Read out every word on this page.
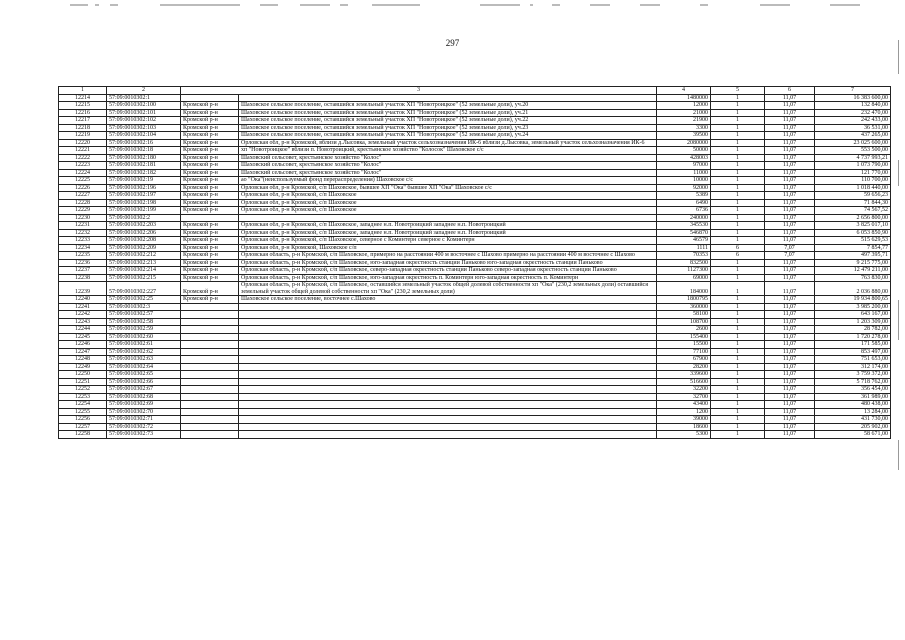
297
1	2	3		4	5	6	7
12214	57:09:0010302:1			1480000	1	11,07	16 383 600,00
12215	57:09:0010302:100	Кромской р-н	Шаховское сельское поселение, оставшийся земельный участок ХП "Новотроицкое" (52 земельные доли), уч.20	12000	1	11,07	132 840,00
12216	57:09:0010302:101	Кромской р-н	Шаховское сельское поселение, оставшийся земельный участок ХП "Новотроицкое" (52 земельные доли), уч.21	21000	1	11,07	232 470,00
12217	57:09:0010302:102	Кромской р-н	Шаховское сельское поселение, оставшийся земельный участок ХП "Новотроицкое" (52 земельные доли), уч.22	21900	1	11,07	242 433,00
12218	57:09:0010302:103	Кромской р-н	Шаховское сельское поселение, оставшийся земельный участок ХП "Новотроицкое" (52 земельные доли), уч.23	3300	1	11,07	36 531,00
12219	57:09:0010302:104	Кромской р-н	Шаховское сельское поселение, оставшийся земельный участок ХП "Новотроицкое" (52 земельные доли), уч.24	39500	1	11,07	437 265,00
12220	57:09:0010302:16	Кромской р-н	Орловская обл, р-н Кромской, вблизи д.Лысовка, земельный участок сельхозназначения ИК-6 вблизи д.Лысовка, земельный участок сельхозназначения ИК-6	2080000	1	11,07	23 025 600,00
12221	57:09:0010302:18	Кромской р-н	хп "Новотроицкое" вблизи п. Новотроицкий, крестьянское хозяйство "Колосок" Шаховское с/с	50000	1	11,07	553 500,00
12222	57:09:0010302:180	Кромской р-н	Шаховский сельсовет, крестьянское хозяйство "Колос"	428003	1	11,07	4 737 993,21
12223	57:09:0010302:181	Кромской р-н	Шаховский сельсовет, крестьянское хозяйство "Колос"	97000	1	11,07	1 073 790,00
12224	57:09:0010302:182	Кромской р-н	Шаховский сельсовет, крестьянское хозяйство "Колос"	11000	1	11,07	121 770,00
12225	57:09:0010302:19	Кромской р-н	ао "Ока"(неиспользуемый фонд перераспределения) Шаховское с/с	10000	1	11,07	110 700,00
12226	57:09:0010302:196	Кромской р-н	Орловская обл, р-н Кромской, с/п Шаховское, бывшее ХП "Ока" бывшее ХП "Ока" Шаховское с/с	92000	1	11,07	1 018 440,00
12227	57:09:0010302:197	Кромской р-н	Орловская обл, р-н Кромской, с/п Шаховское	5389	1	11,07	59 656,23
12228	57:09:0010302:198	Кромской р-н	Орловская обл, р-н Кромской, с/п Шаховское	6490	1	11,07	71 844,30
12229	57:09:0010302:199	Кромской р-н	Орловская обл, р-н Кромской, с/п Шаховское	6736	1	11,07	74 567,52
12230	57:09:0010302:2			240000	1	11,07	2 656 800,00
12231	57:09:0010302:203	Кромской р-н	Орловская обл, р-н Кромской, с/п Шаховское, западнее н.п. Новотроицкий западнее н.п. Новотроицкий	345530	1	11,07	3 825 017,10
12232	57:09:0010302:206	Кромской р-н	Орловская обл, р-н Кромской, с/п Шаховское, западнее н.п. Новотроицкий западнее н.п. Новотроицкий	546870	1	11,07	6 053 850,90
12233	57:09:0010302:208	Кромской р-н	Орловская обл, р-н Кромской, с/п Шаховское, северное с Коминтерн северное с Коминтерн	46579	1	11,07	515 629,53
12234	57:09:0010302:209	Кромской р-н	Орловская обл, р-н Кромской, Шаховское с/п	1111	6	7,07	7 854,77
12235	57:09:0010302:212	Кромской р-н	Орловская область, р-н Кромской, с/п Шаховское, примерно на расстоянии 400 м восточнее с Шахово примерно на расстоянии 400 м восточнее с Шахово	70353	6	7,07	497 395,71
12236	57:09:0010302:213	Кромской р-н	Орловская область, р-н Кромской, с/п Шаховское, юго-западная окрестность станции Паньково юго-западная окрестность станции Паньково	832500	1	11,07	9 215 775,00
12237	57:09:0010302:214	Кромской р-н	Орловская область, р-н Кромской, с/п Шаховское, северо-западная окрестность станции Паньково северо-западная окрестность станции Паньково	1127300	1	11,07	12 479 211,00
12238	57:09:0010302:215	Кромской р-н	Орловская область, р-н Кромской, с/п Шаховское, юго-западная окрестность п. Коминтерн юго-западная окрестность п. Коминтерн	69000	1	11,07	763 830,00
12239	57:09:0010302:227	Кромской р-н	Орловская область, р-н Кромской, с/п Шаховское, оставшийся земельный участок общей долевой собственности хп "Ока" (230,2 земельных доли) оставшийся земельный участок общей долевой собственности хп "Ока" (230,2 земельных доли)	184000	1	11,07	2 036 880,00
12240	57:09:0010302:25	Кромской р-н	Шаховское сельское поселение, восточнее с.Шахово	1800795	1	11,07	19 934 800,65
12241	57:09:0010302:3			360000	1	11,07	3 985 200,00
12242	57:09:0010302:57			58100	1	11,07	643 167,00
12243	57:09:0010302:58			108700	1	11,07	1 203 309,00
12244	57:09:0010302:59			2600	1	11,07	28 782,00
12245	57:09:0010302:60			155400	1	11,07	1 720 278,00
12246	57:09:0010302:61			15500	1	11,07	171 585,00
12247	57:09:0010302:62			77100	1	11,07	853 497,00
12248	57:09:0010302:63			67900	1	11,07	751 653,00
12249	57:09:0010302:64			28200	1	11,07	312 174,00
12250	57:09:0010302:65			339600	1	11,07	3 759 372,00
12251	57:09:0010302:66			516600	1	11,07	5 718 762,00
12252	57:09:0010302:67			32200	1	11,07	356 454,00
12253	57:09:0010302:68			32700	1	11,07	361 989,00
12254	57:09:0010302:69			43400	1	11,07	480 438,00
12255	57:09:0010302:70			1200	1	11,07	13 284,00
12256	57:09:0010302:71			39000	1	11,07	431 730,00
12257	57:09:0010302:72			18600	1	11,07	205 902,00
12258	57:09:0010302:73			5300	1	11,07	58 671,00
